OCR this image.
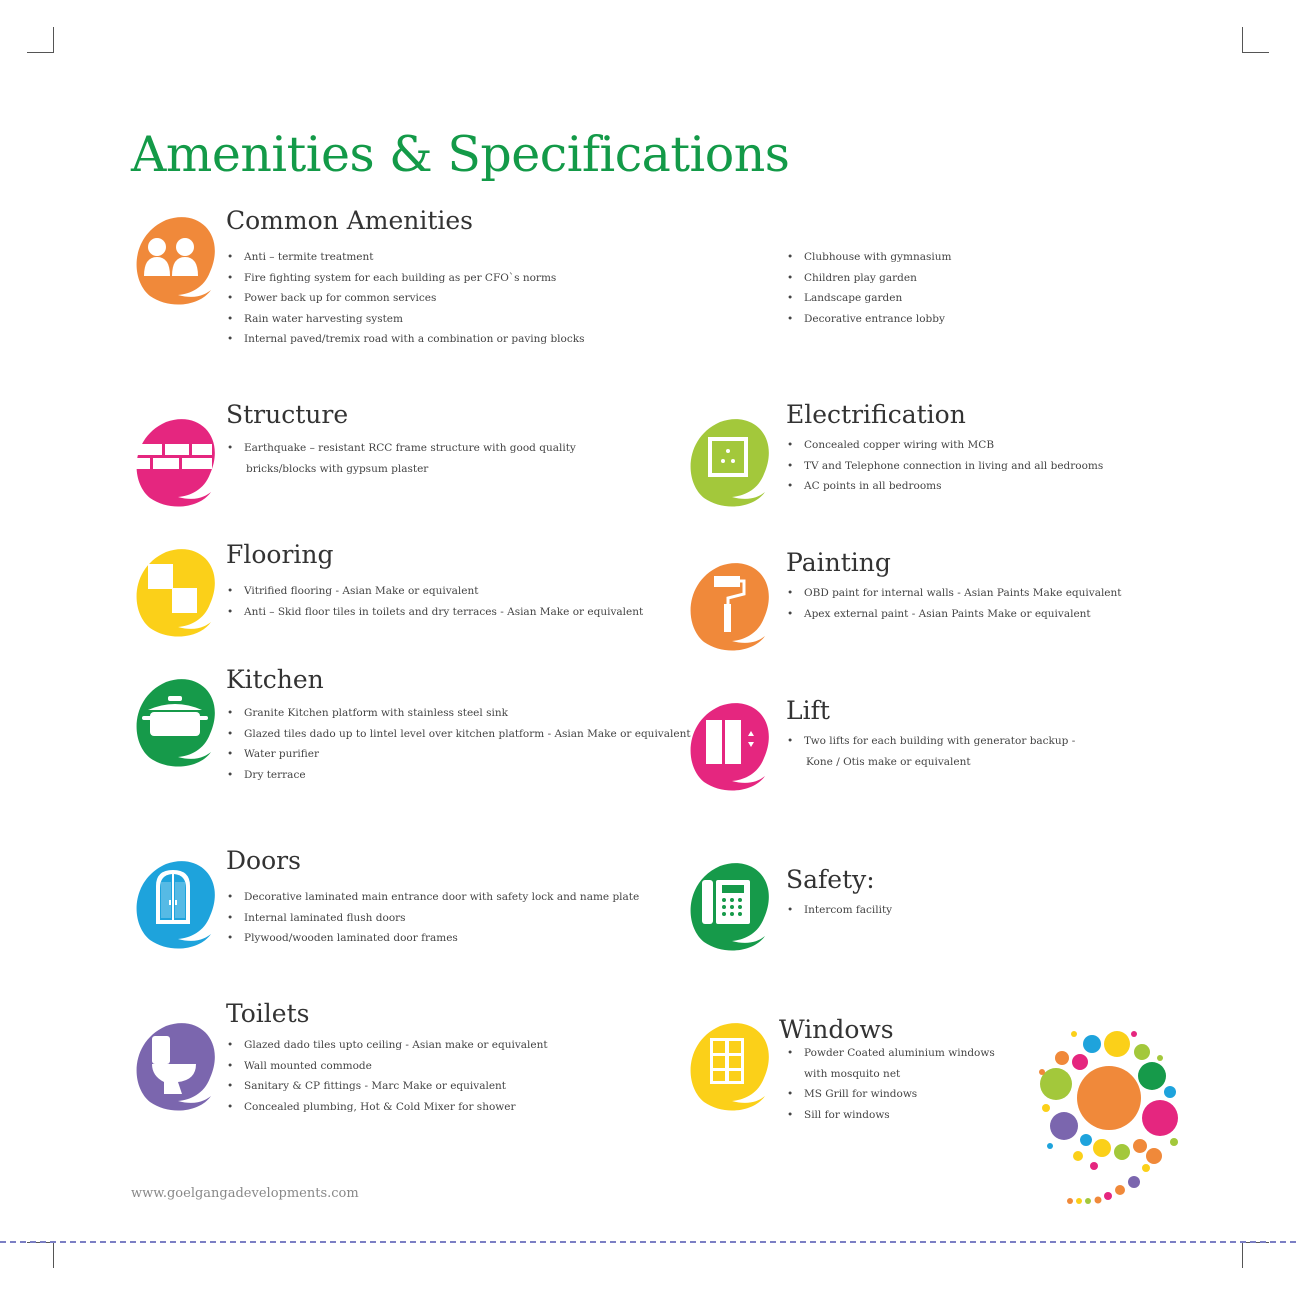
Amenities & Specifications
Common Amenities
• Anti – termite treatment
• Fire fighting system for each building as per CFO`s norms
• Power back up for common services
• Rain water harvesting system
• Internal paved/tremix road with a combination or paving blocks
• Clubhouse with gymnasium
• Children play garden
• Landscape garden
• Decorative entrance lobby
Structure
• Earthquake – resistant RCC frame structure with good quality
bricks/blocks with gypsum plaster
Electrification
• Concealed copper wiring with MCB
• TV and Telephone connection in living and all bedrooms
• AC points in all bedrooms
Flooring
• Vitrified flooring - Asian Make or equivalent
• Anti – Skid floor tiles in toilets and dry terraces - Asian Make or equivalent
Painting
• OBD paint for internal walls - Asian Paints Make equivalent
• Apex external paint - Asian Paints Make or equivalent
Kitchen
• Granite Kitchen platform with stainless steel sink
• Glazed tiles dado up to lintel level over kitchen platform - Asian Make or equivalent
• Water purifier
• Dry terrace
Lift
• Two lifts for each building with generator backup -
Kone / Otis make or equivalent
Doors
• Decorative laminated main entrance door with safety lock and name plate
• Internal laminated flush doors
• Plywood/wooden laminated door frames
Safety:
• Intercom facility
Toilets
• Glazed dado tiles upto ceiling - Asian make or equivalent
• Wall mounted commode
• Sanitary & CP fittings - Marc Make or equivalent
• Concealed plumbing, Hot & Cold Mixer for shower
Windows
• Powder Coated aluminium windows
with mosquito net
• MS Grill for windows
• Sill for windows
www.goelgangadevelopments.com
